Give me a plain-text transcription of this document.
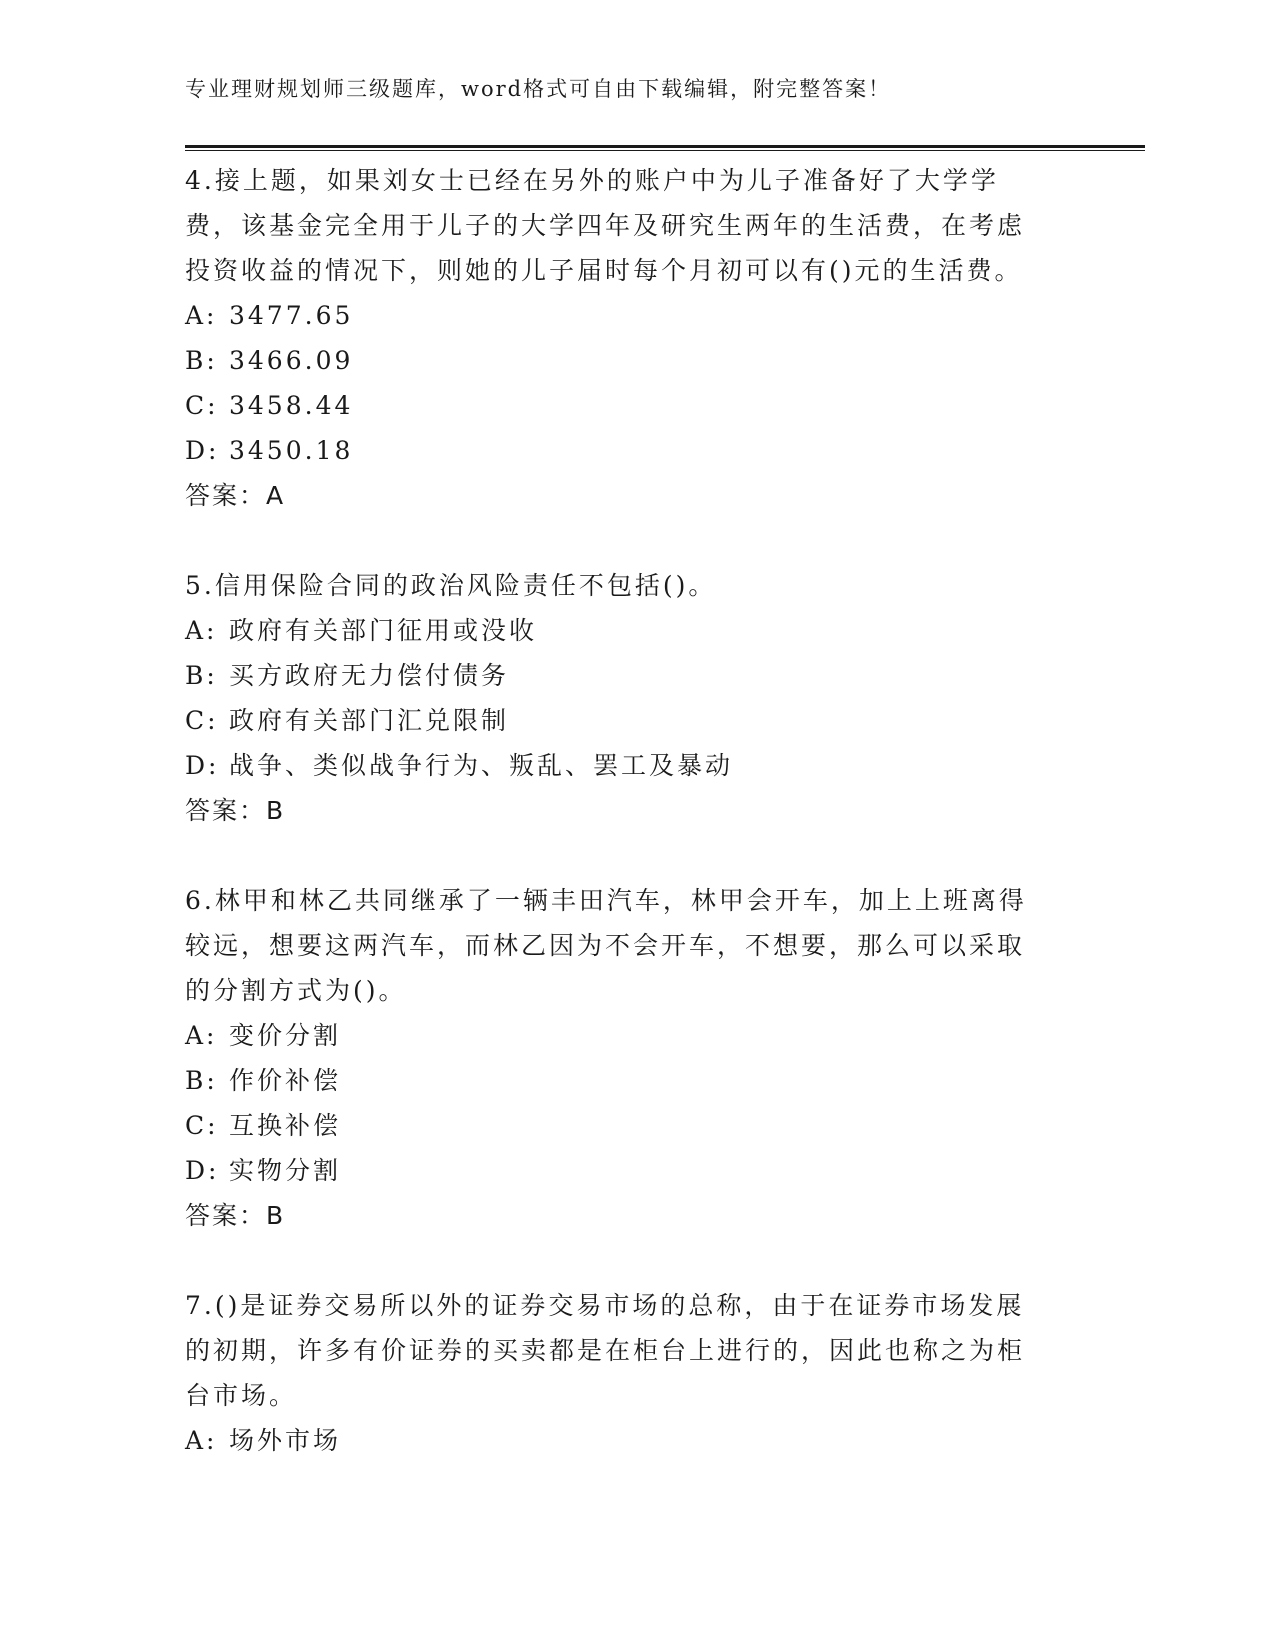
专业理财规划师三级题库，word格式可自由下载编辑，附完整答案！

4.接上题，如果刘女士已经在另外的账户中为儿子准备好了大学学费，该基金完全用于儿子的大学四年及研究生两年的生活费，在考虑投资收益的情况下，则她的儿子届时每个月初可以有()元的生活费。

A: 3477.65
B: 3466.09
C: 3458.44
D: 3450.18
答案：A

5.信用保险合同的政治风险责任不包括()。

A: 政府有关部门征用或没收
B: 买方政府无力偿付债务
C: 政府有关部门汇兑限制
D: 战争、类似战争行为、叛乱、罢工及暴动
答案：B

6.林甲和林乙共同继承了一辆丰田汽车，林甲会开车，加上上班离得较远，想要这两汽车，而林乙因为不会开车，不想要，那么可以采取的分割方式为()。

A: 变价分割
B: 作价补偿
C: 互换补偿
D: 实物分割
答案：B

7.()是证券交易所以外的证券交易市场的总称，由于在证券市场发展的初期，许多有价证券的买卖都是在柜台上进行的，因此也称之为柜台市场。

A: 场外市场
